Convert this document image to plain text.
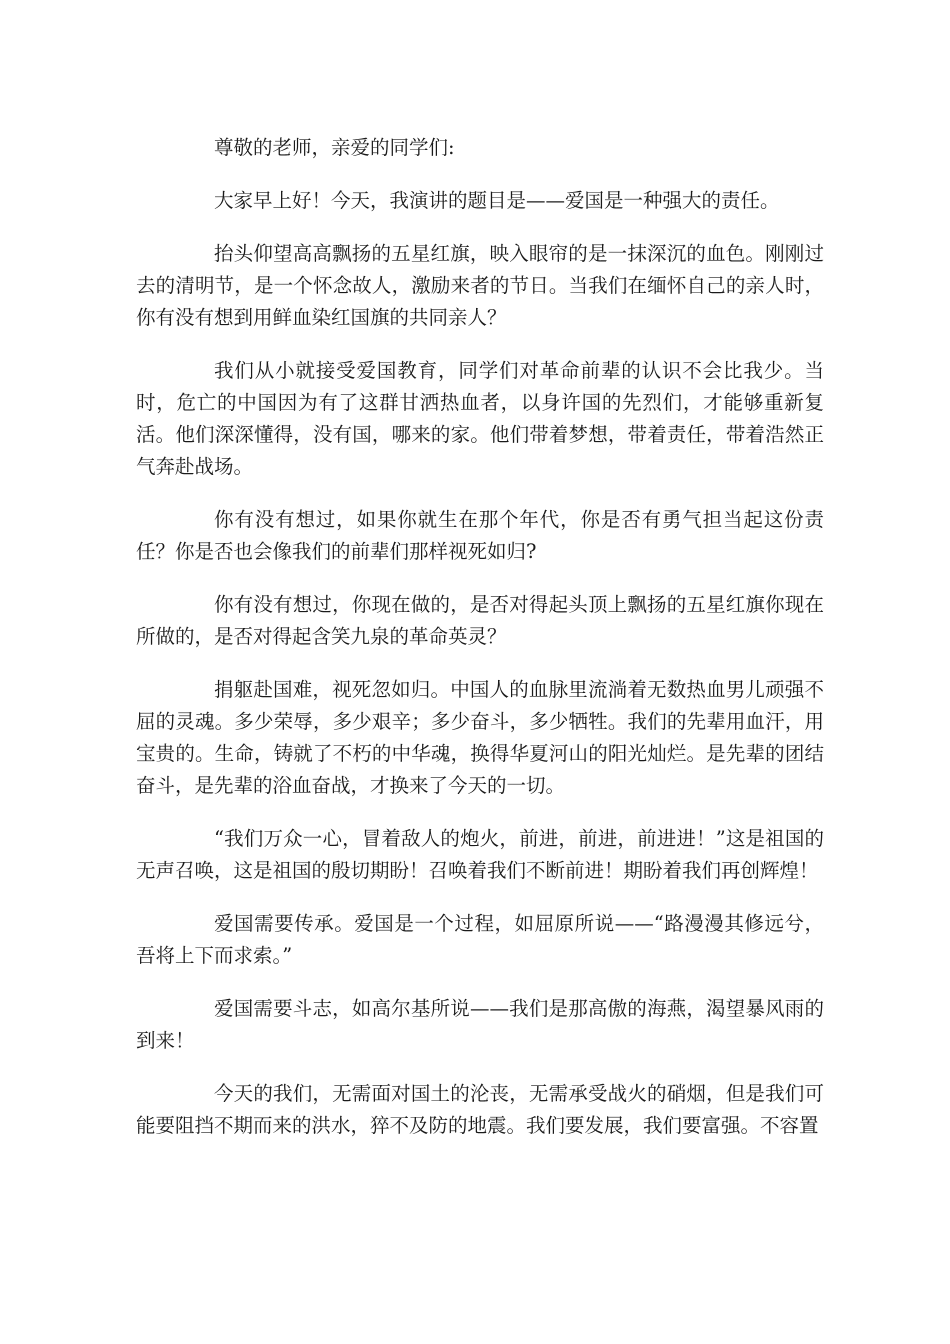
尊敬的老师，亲爱的同学们:

大家早上好！今天，我演讲的题目是——爱国是一种强大的责任。

抬头仰望高高飘扬的五星红旗，映入眼帘的是一抹深沉的血色。刚刚过去的清明节，是一个怀念故人，激励来者的节日。当我们在缅怀自己的亲人时，你有没有想到用鲜血染红国旗的共同亲人？

我们从小就接受爱国教育，同学们对革命前辈的认识不会比我少。当时，危亡的中国因为有了这群甘洒热血者，以身许国的先烈们，才能够重新复活。他们深深懂得，没有国，哪来的家。他们带着梦想，带着责任，带着浩然正气奔赴战场。

你有没有想过，如果你就生在那个年代，你是否有勇气担当起这份责任？你是否也会像我们的前辈们那样视死如归?

你有没有想过，你现在做的，是否对得起头顶上飘扬的五星红旗你现在所做的，是否对得起含笑九泉的革命英灵？

捐躯赴国难，视死忽如归。中国人的血脉里流淌着无数热血男儿顽强不屈的灵魂。多少荣辱，多少艰辛；多少奋斗，多少牺牲。我们的先辈用血汗，用宝贵的。生命，铸就了不朽的中华魂，换得华夏河山的阳光灿烂。是先辈的团结奋斗，是先辈的浴血奋战，才换来了今天的一切。

“我们万众一心，冒着敌人的炮火，前进，前进，前进进！”这是祖国的无声召唤，这是祖国的殷切期盼！召唤着我们不断前进！期盼着我们再创辉煌！

爱国需要传承。爱国是一个过程，如屈原所说——“路漫漫其修远兮，吾将上下而求索。”

爱国需要斗志，如高尔基所说——我们是那高傲的海燕，渴望暴风雨的到来！

今天的我们，无需面对国土的沦丧，无需承受战火的硝烟，但是我们可能要阻挡不期而来的洪水，猝不及防的地震。我们要发展，我们要富强。不容置
